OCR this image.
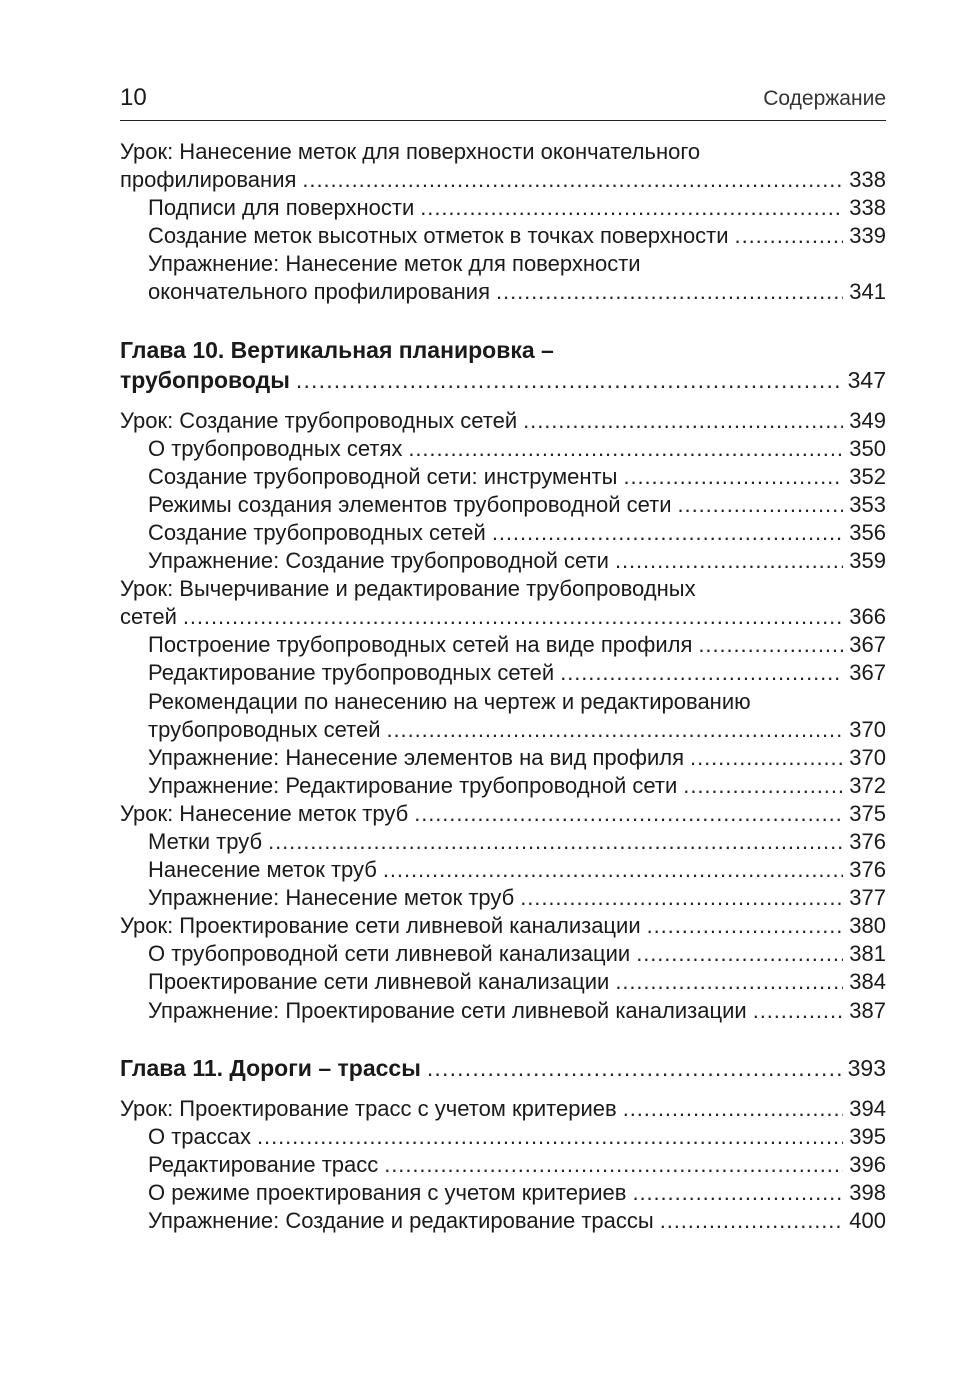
10	Содержание
Урок: Нанесение меток для поверхности окончательного
профилирования . . .	338
Подписи для поверхности . . .	338
Создание меток высотных отметок в точках поверхности . . .	339
Упражнение: Нанесение меток для поверхности
окончательного профилирования . . .	341
Глава 10. Вертикальная планировка –
трубопроводы . . .	347
Урок: Создание трубопроводных сетей . . .	349
О трубопроводных сетях . . .	350
Создание трубопроводной сети: инструменты . . .	352
Режимы создания элементов трубопроводной сети . . .	353
Создание трубопроводных сетей . . .	356
Упражнение: Создание трубопроводной сети . . .	359
Урок: Вычерчивание и редактирование трубопроводных
сетей . . .	366
Построение трубопроводных сетей на виде профиля . . .	367
Редактирование трубопроводных сетей . . .	367
Рекомендации по нанесению на чертеж и редактированию
трубопроводных сетей . . .	370
Упражнение: Нанесение элементов на вид профиля . . .	370
Упражнение: Редактирование трубопроводной сети . . .	372
Урок: Нанесение меток труб . . .	375
Метки труб . . .	376
Нанесение меток труб . . .	376
Упражнение: Нанесение меток труб . . .	377
Урок: Проектирование сети ливневой канализации . . .	380
О трубопроводной сети ливневой канализации . . .	381
Проектирование сети ливневой канализации . . .	384
Упражнение: Проектирование сети ливневой канализации . . .	387
Глава 11. Дороги – трассы . . .	393
Урок: Проектирование трасс с учетом критериев . . .	394
О трассах . . .	395
Редактирование трасс . . .	396
О режиме проектирования с учетом критериев . . .	398
Упражнение: Создание и редактирование трассы . . .	400
